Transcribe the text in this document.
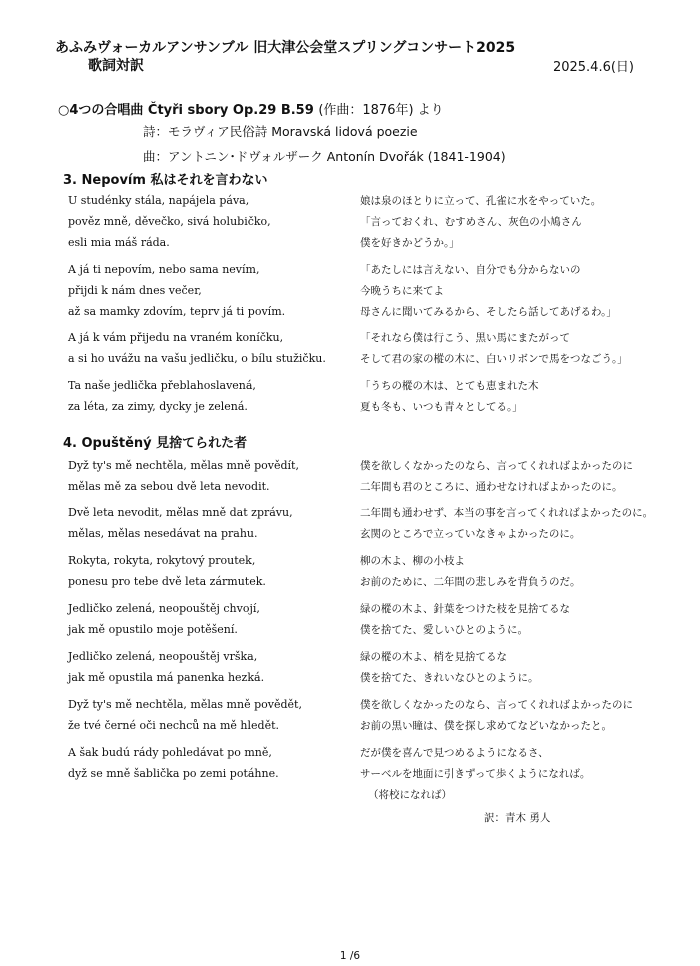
あふみヴォーカルアンサンブル 旧大津公会堂スプリングコンサート2025
歌詞対訳	2025.4.6(日)
○4つの合唱曲 Čtyři sbory Op.29 B.59 (作曲：1876年) より
詩：モラヴィア民俗詩 Moravská lidová poezie
曲：アントニン･ドヴォルザーク Antonín Dvořák (1841-1904)
3. Nepovím 私はそれを言わない
U studénky stála, napájela páva,	娘は泉のほとりに立って、孔雀に水をやっていた。
pověz mně, děvečko, sivá holubičko,	「言っておくれ、むすめさん、灰色の小鳩さん
esli mia máš ráda.	僕を好きかどうか。」
A já ti nepovím, nebo sama nevím,	「あたしには言えない、自分でも分からないの
přijdi k nám dnes večer,	今晩うちに来てよ
až sa mamky zdovím, teprv já ti povím.	母さんに聞いてみるから、そしたら話してあげるわ。」
A já k vám přijedu na vraném koníčku,	「それなら僕は行こう、黒い馬にまたがって
a si ho uvážu na vašu jedličku, o bílu stužičku.	そして君の家の樅の木に、白いリボンで馬をつなごう。」
Ta naše jedlička přeblahoslavená,	「うちの樅の木は、とても恵まれた木
za léta, za zimy, dycky je zelená.	夏も冬も、いつも青々としてる。」
4. Opuštěný 見捨てられた者
Dyž ty's mě nechtěla, mělas mně povědít,	僕を欲しくなかったのなら、言ってくれればよかったのに
mělas mě za sebou dvě leta nevodit.	二年間も君のところに、通わせなければよかったのに。
Dvě leta nevodit, mělas mně dat zprávu,	二年間も通わせず、本当の事を言ってくれればよかったのに。
mělas, mělas nesedávat na prahu.	玄関のところで立っていなきゃよかったのに。
Rokyta, rokyta, rokytový proutek,	柳の木よ、柳の小枝よ
ponesu pro tebe dvě leta zármutek.	お前のために、二年間の悲しみを背負うのだ。
Jedličko zelená, neopouštěj chvojí,	緑の樅の木よ、針葉をつけた枝を見捨てるな
jak mě opustilo moje potěšení.	僕を捨てた、愛しいひとのように。
Jedličko zelená, neopouštěj vrška,	緑の樅の木よ、梢を見捨てるな
jak mě opustila má panenka hezká.	僕を捨てた、きれいなひとのように。
Dyž ty's mě nechtěla, mělas mně povědět,	僕を欲しくなかったのなら、言ってくれればよかったのに
že tvé černé oči nechců na mě hledět.	お前の黒い瞳は、僕を探し求めてなどいなかったと。
A šak budú rády pohledávat po mně,	だが僕を喜んで見つめるようになるさ、
dyž se mně šablička po zemi potáhne.	サーベルを地面に引きずって歩くようになれば。
（将校になれば）
訳：青木 勇人
1 /6
